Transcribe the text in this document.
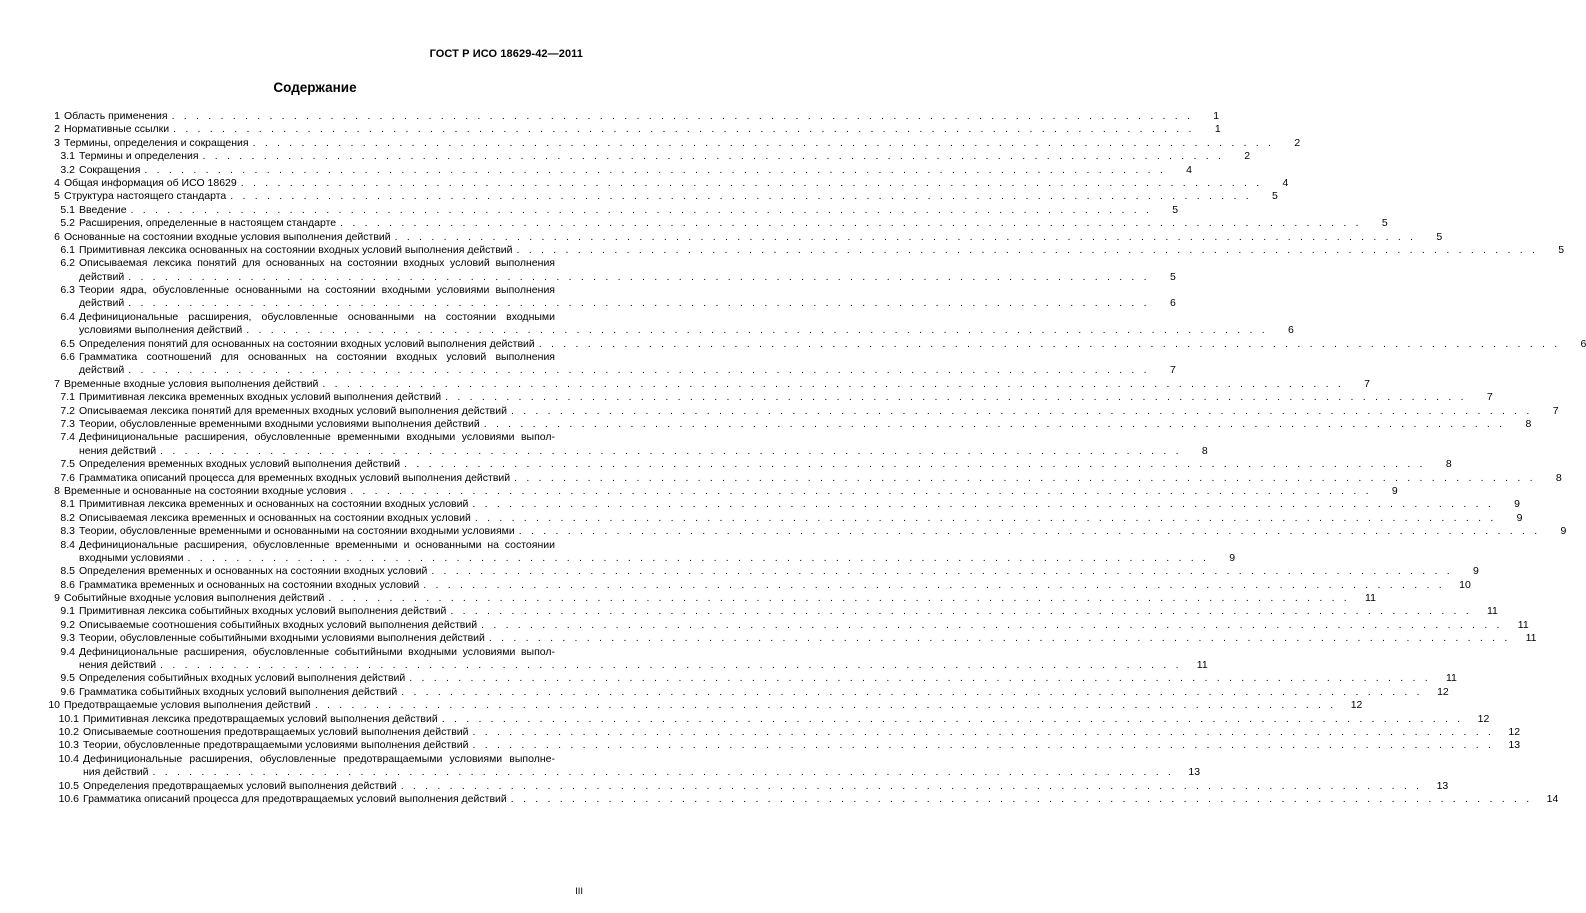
ГОСТ Р ИСО 18629-42—2011
Содержание
1 Область применения . . .	1
2 Нормативные ссылки . . .	1
3 Термины, определения и сокращения . . .	2
3.1 Термины и определения . . .	2
3.2 Сокращения . . .	4
4 Общая информация об ИСО 18629 . . .	4
5 Структура настоящего стандарта . . .	5
5.1 Введение . . .	5
5.2 Расширения, определенные в настоящем стандарте . . .	5
6 Основанные на состоянии входные условия выполнения действий . . .	5
6.1 Примитивная лексика основанных на состоянии входных условий выполнения действий . . .	5
6.2 Описываемая лексика понятий для основанных на состоянии входных условий выполнения
действий . . .	5
6.3 Теории ядра, обусловленные основанными на состоянии входными условиями выполнения
действий . . .	6
6.4 Дефинициональные расширения, обусловленные основанными на состоянии входными
условиями выполнения действий . . .	6
6.5 Определения понятий для основанных на состоянии входных условий выполнения действий . . .	6
6.6 Грамматика соотношений для основанных на состоянии входных условий выполнения
действий . . .	7
7 Временные входные условия выполнения действий . . .	7
7.1 Примитивная лексика временных входных условий выполнения действий . . .	7
7.2 Описываемая лексика понятий для временных входных условий выполнения действий . . .	7
7.3 Теории, обусловленные временными входными условиями выполнения действий . . .	8
7.4 Дефинициональные расширения, обусловленные временными входными условиями выпол-
нения действий . . .	8
7.5 Определения временных входных условий выполнения действий . . .	8
7.6 Грамматика описаний процесса для временных входных условий выполнения действий . . .	8
8 Временные и основанные на состоянии входные условия . . .	9
8.1 Примитивная лексика временных и основанных на состоянии входных условий . . .	9
8.2 Описываемая лексика временных и основанных на состоянии входных условий . . .	9
8.3 Теории, обусловленные временными и основанными на состоянии входными условиями . . .	9
8.4 Дефинициональные расширения, обусловленные временными и основанными на состоянии
входными условиями . . .	9
8.5 Определения временных и основанных на состоянии входных условий . . .	9
8.6 Грамматика временных и основанных на состоянии входных условий . . .	10
9 Событийные входные условия выполнения действий . . .	11
9.1 Примитивная лексика событийных входных условий выполнения действий . . .	11
9.2 Описываемые соотношения событийных входных условий выполнения действий . . .	11
9.3 Теории, обусловленные событийными входными условиями выполнения действий . . .	11
9.4 Дефинициональные расширения, обусловленные событийными входными условиями выпол-
нения действий . . .	11
9.5 Определения событийных входных условий выполнения действий . . .	11
9.6 Грамматика событийных входных условий выполнения действий . . .	12
10 Предотвращаемые условия выполнения действий . . .	12
10.1 Примитивная лексика предотвращаемых условий выполнения действий . . .	12
10.2 Описываемые соотношения предотвращаемых условий выполнения действий . . .	12
10.3 Теории, обусловленные предотвращаемыми условиями выполнения действий . . .	13
10.4 Дефинициональные расширения, обусловленные предотвращаемыми условиями выполне-
ния действий . . .	13
10.5 Определения предотвращаемых условий выполнения действий . . .	13
10.6 Грамматика описаний процесса для предотвращаемых условий выполнения действий . . .	14
III
